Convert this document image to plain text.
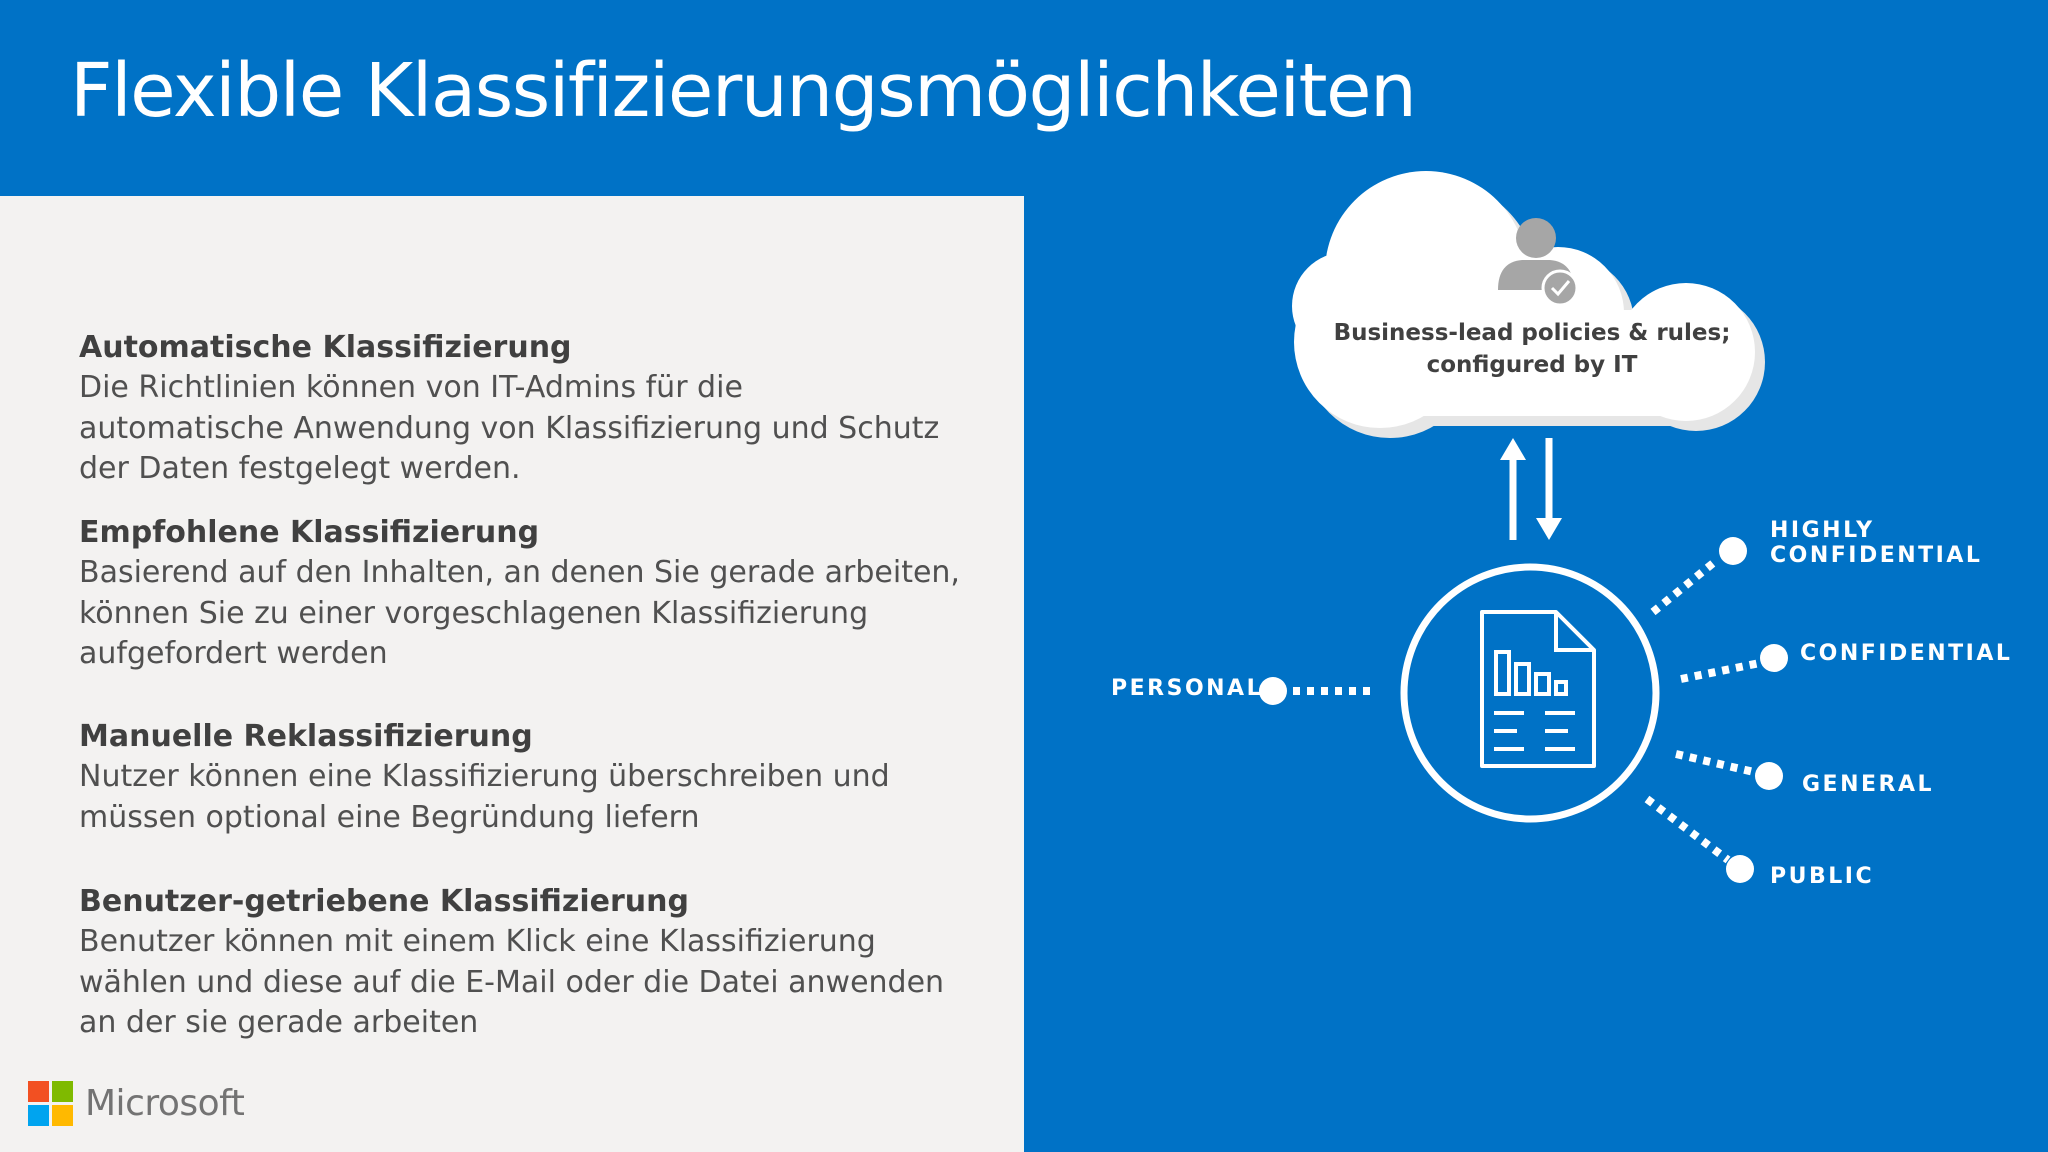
Flexible Klassifizierungsmöglichkeiten
Automatische Klassifizierung

Die Richtlinien können von IT-Admins für die
automatische Anwendung von Klassifizierung und Schutz
der Daten festgelegt werden.

Empfohlene Klassifizierung

Basierend auf den Inhalten, an denen Sie gerade arbeiten,
können Sie zu einer vorgeschlagenen Klassifizierung
aufgefordert werden

Manuelle Reklassifizierung

Nutzer können eine Klassifizierung überschreiben und
müssen optional eine Begründung liefern

Benutzer-getriebene Klassifizierung

Benutzer können mit einem Klick eine Klassifizierung
wählen und diese auf die E-Mail oder die Datei anwenden
an der sie gerade arbeiten

Microsoft
Business-lead policies & rules;
configured by IT
PERSONAL
HIGHLY
CONFIDENTIAL
CONFIDENTIAL
GENERAL
PUBLIC
